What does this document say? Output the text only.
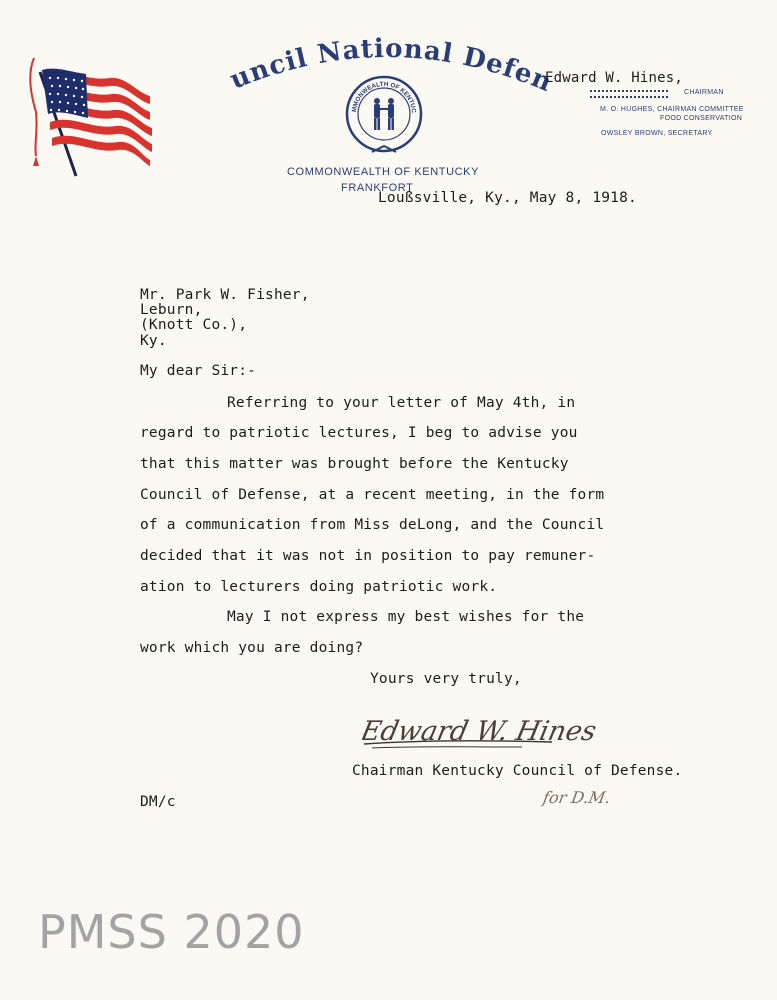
uncil National Defe
MMONWEALTH OF KENTUC
COMMONWEALTH OF KENTUCKY
FRANKFORT
Edward W. Hines,
CHAIRMAN
M. O. HUGHES, CHAIRMAN COMMITTEE
FOOD CONSERVATION
OWSLEY BROWN, SECRETARY
Loußsville, Ky., May 8, 1918.
Mr. Park W. Fisher,
Leburn,
(Knott Co.),
Ky.
My dear Sir:-
Referring to your letter of May 4th, in
regard to patriotic lectures, I beg to advise you
that this matter was brought before the Kentucky
Council of Defense, at a recent meeting, in the form
of a communication from Miss deLong, and the Council
decided that it was not in position to pay remuner-
ation to lecturers doing patriotic work.
May I not express my best wishes for the
work which you are doing?
Yours very truly,
Edward W. Hines
Chairman Kentucky Council of Defense.
for D.M.
DM/c
PMSS 2020
